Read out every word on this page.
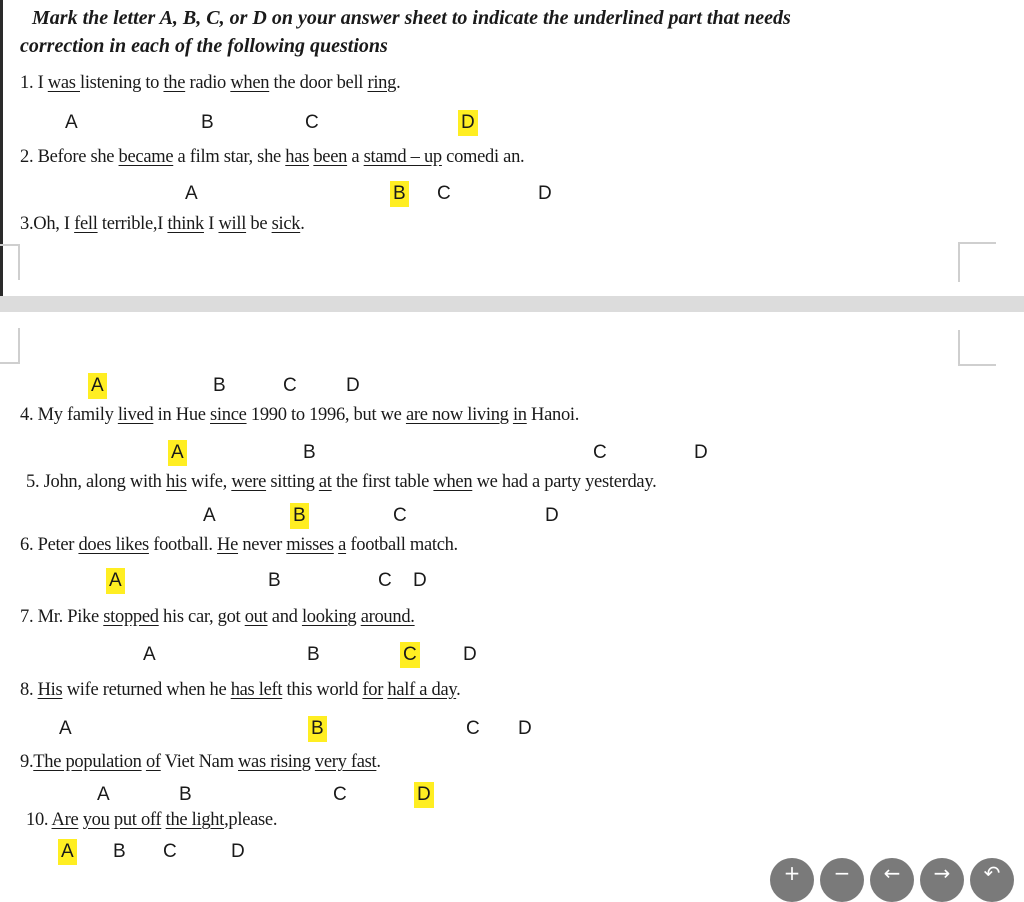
Mark the letter A, B, C, or D on your answer sheet to indicate the underlined part that needs
correction in each of the following questions
1. I was listening to the radio when the door bell ring.
A	B	C	D
2. Before she became a film star, she has been a stamd – up comedi an.
A	B C	D
3.Oh, I fell terrible,I think I will be sick.
A	B	C	D
4. My family lived in Hue since 1990 to 1996, but we are now living in Hanoi.
A	B	C	D
5. John, along with his wife, were sitting at the first table when we had a party yesterday.
A	B	C	D
6. Peter does likes football. He never misses a football match.
A	B	C D
7. Mr. Pike stopped his car, got out and looking around.
A	B	C D
8. His wife returned when he has left this world for half a day.
A	B	C D
9.The population of Viet Nam was rising very fast.
A	B	C	D
10. Are you put off the light,please.
A B C	D
+	−	←	→	↶
